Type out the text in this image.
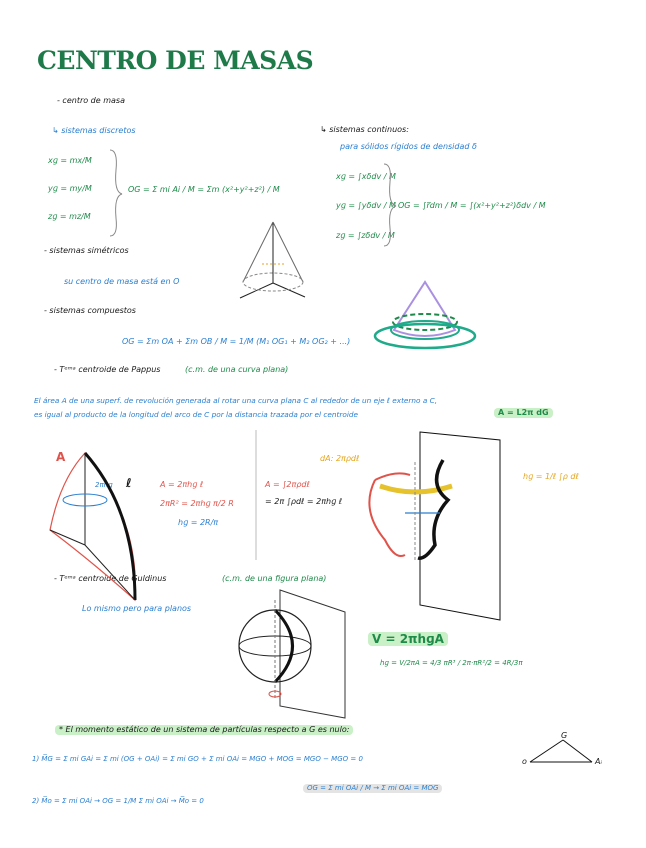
CENTRO DE MASAS
- centro de masa
↳ sistemas discretos
xɡ = mx/M
yɡ = my/M
zɡ = mz/M
OG = Σ mi Ai / M = Σm (x²+y²+z²) / M
↳ sistemas continuos:
para sólidos rígidos de densidad δ
xɡ = ∫xδdv / M
yɡ = ∫yδdv / M
zɡ = ∫zδdv / M
OG = ∫r̅dm / M = ∫(x²+y²+z²)δdv / M
- sistemas simétricos
su centro de masa está en O
- sistemas compuestos
OG = Σm OA + Σm OB / M = 1/M (M₁ OG₁ + M₂ OG₂ + ...)
- Tᵉᵐᵃ centroide de Pappus	(c.m. de una curva plana)
El área A de una superf. de revolución generada al rotar una curva plana C al rededor de un eje ℓ externo a C,
es igual al producto de la longitud del arco de C por la distancia trazada por el centroide	A = L2π dG
A
ℓ
2πhɡ	A = 2πhɡ ℓ
2πR² = 2πhɡ π/2 R
hɡ = 2R/π
A = ∫2πρdℓ
= 2π ∫ρdℓ = 2πhɡ ℓ
dA: 2πρdℓ
hɡ = 1/ℓ ∫ρ dℓ
- Tᵉᵐᵃ centroide de Guldinus	(c.m. de una figura plana)
Lo mismo pero para planos
V = 2πhɡA
hɡ = V/2πA = 4/3 πR³ / 2π·πR²/2 = 4R/3π
* El momento estático de un sistema de partículas respecto a G es nulo:
1) M̅G = Σ mi GAi = Σ mi (OG + OAi) = Σ mi GO + Σ mi OAi = MGO + MOG = MGO − MGO = 0
OG = Σ mi OAi / M → Σ mi OAi = MOG
2) M̅o = Σ mi OAi → OG = 1/M Σ mi OAi → M̅o = 0
G
o	Aᵢ
